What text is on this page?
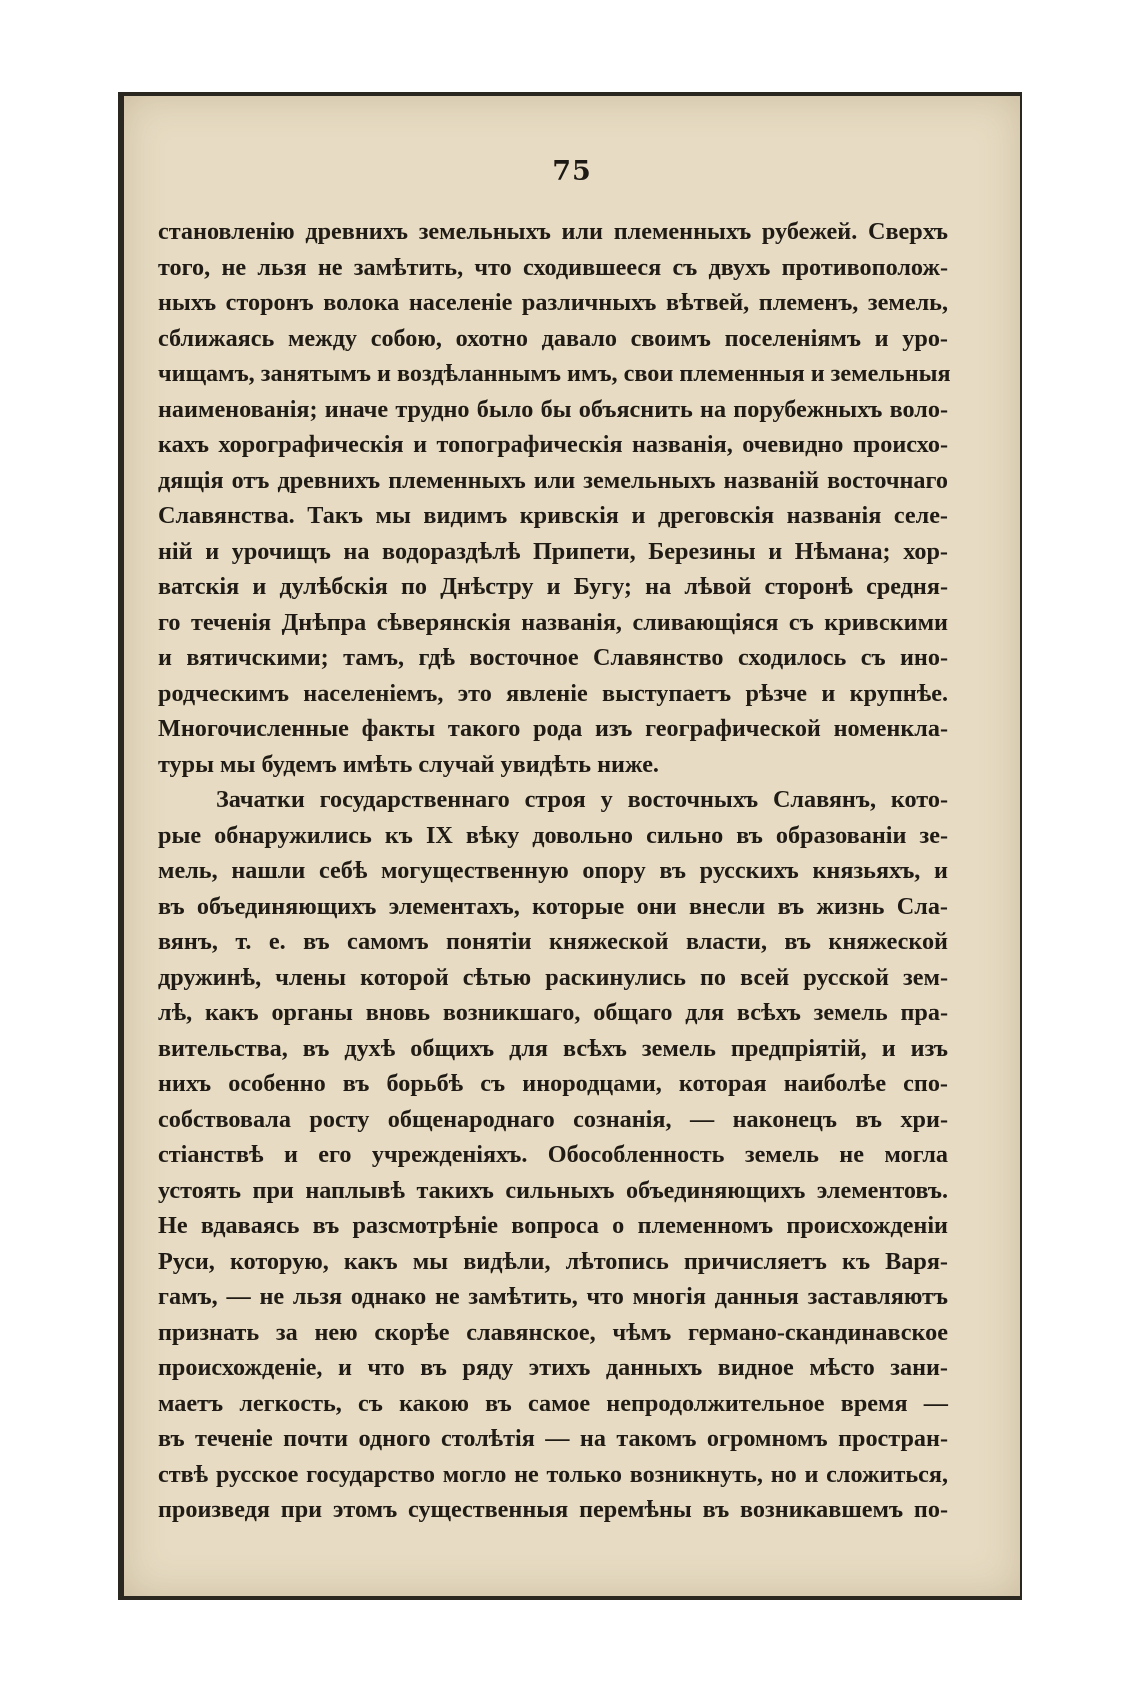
75
становленію древнихъ земельныхъ или племенныхъ рубежей. Сверхъ
того, не льзя не замѣтить, что сходившееся съ двухъ противополож-
ныхъ сторонъ волока населеніе различныхъ вѣтвей, племенъ, земель,
сближаясь между собою, охотно давало своимъ поселеніямъ и уро-
чищамъ, занятымъ и воздѣланнымъ имъ, свои племенныя и земельныя
наименованія; иначе трудно было бы объяснить на порубежныхъ воло-
кахъ хорографическія и топографическія названія, очевидно происхо-
дящія отъ древнихъ племенныхъ или земельныхъ названій восточнаго
Славянства. Такъ мы видимъ кривскія и дреговскія названія селе-
ній и урочищъ на водораздѣлѣ Припети, Березины и Нѣмана; хор-
ватскія и дулѣбскія по Днѣстру и Бугу; на лѣвой сторонѣ средня-
го теченія Днѣпра сѣверянскія названія, сливающіяся съ кривскими
и вятичскими; тамъ, гдѣ восточное Славянство сходилось съ ино-
родческимъ населеніемъ, это явленіе выступаетъ рѣзче и крупнѣе.
Многочисленные факты такого рода изъ географической номенкла-
туры мы будемъ имѣть случай увидѣть ниже.
Зачатки государственнаго строя у восточныхъ Славянъ, кото-
рые обнаружились къ IX вѣку довольно сильно въ образованіи зе-
мель, нашли себѣ могущественную опору въ русскихъ князьяхъ, и
въ объединяющихъ элементахъ, которые они внесли въ жизнь Сла-
вянъ, т. е. въ самомъ понятіи княжеской власти, въ княжеской
дружинѣ, члены которой сѣтью раскинулись по всей русской зем-
лѣ, какъ органы вновь возникшаго, общаго для всѣхъ земель пра-
вительства, въ духѣ общихъ для всѣхъ земель предпріятій, и изъ
нихъ особенно въ борьбѣ съ инородцами, которая наиболѣе спо-
собствовала росту общенароднаго сознанія, — наконецъ въ хри-
стіанствѣ и его учрежденіяхъ. Обособленность земель не могла
устоять при наплывѣ такихъ сильныхъ объединяющихъ элементовъ.
Не вдаваясь въ разсмотрѣніе вопроса о племенномъ происхожденіи
Руси, которую, какъ мы видѣли, лѣтопись причисляетъ къ Варя-
гамъ, — не льзя однако не замѣтить, что многія данныя заставляютъ
признать за нею скорѣе славянское, чѣмъ германо-скандинавское
происхожденіе, и что въ ряду этихъ данныхъ видное мѣсто зани-
маетъ легкость, съ какою въ самое непродолжительное время —
въ теченіе почти одного столѣтія — на такомъ огромномъ простран-
ствѣ русское государство могло не только возникнуть, но и сложиться,
произведя при этомъ существенныя перемѣны въ возникавшемъ по-
